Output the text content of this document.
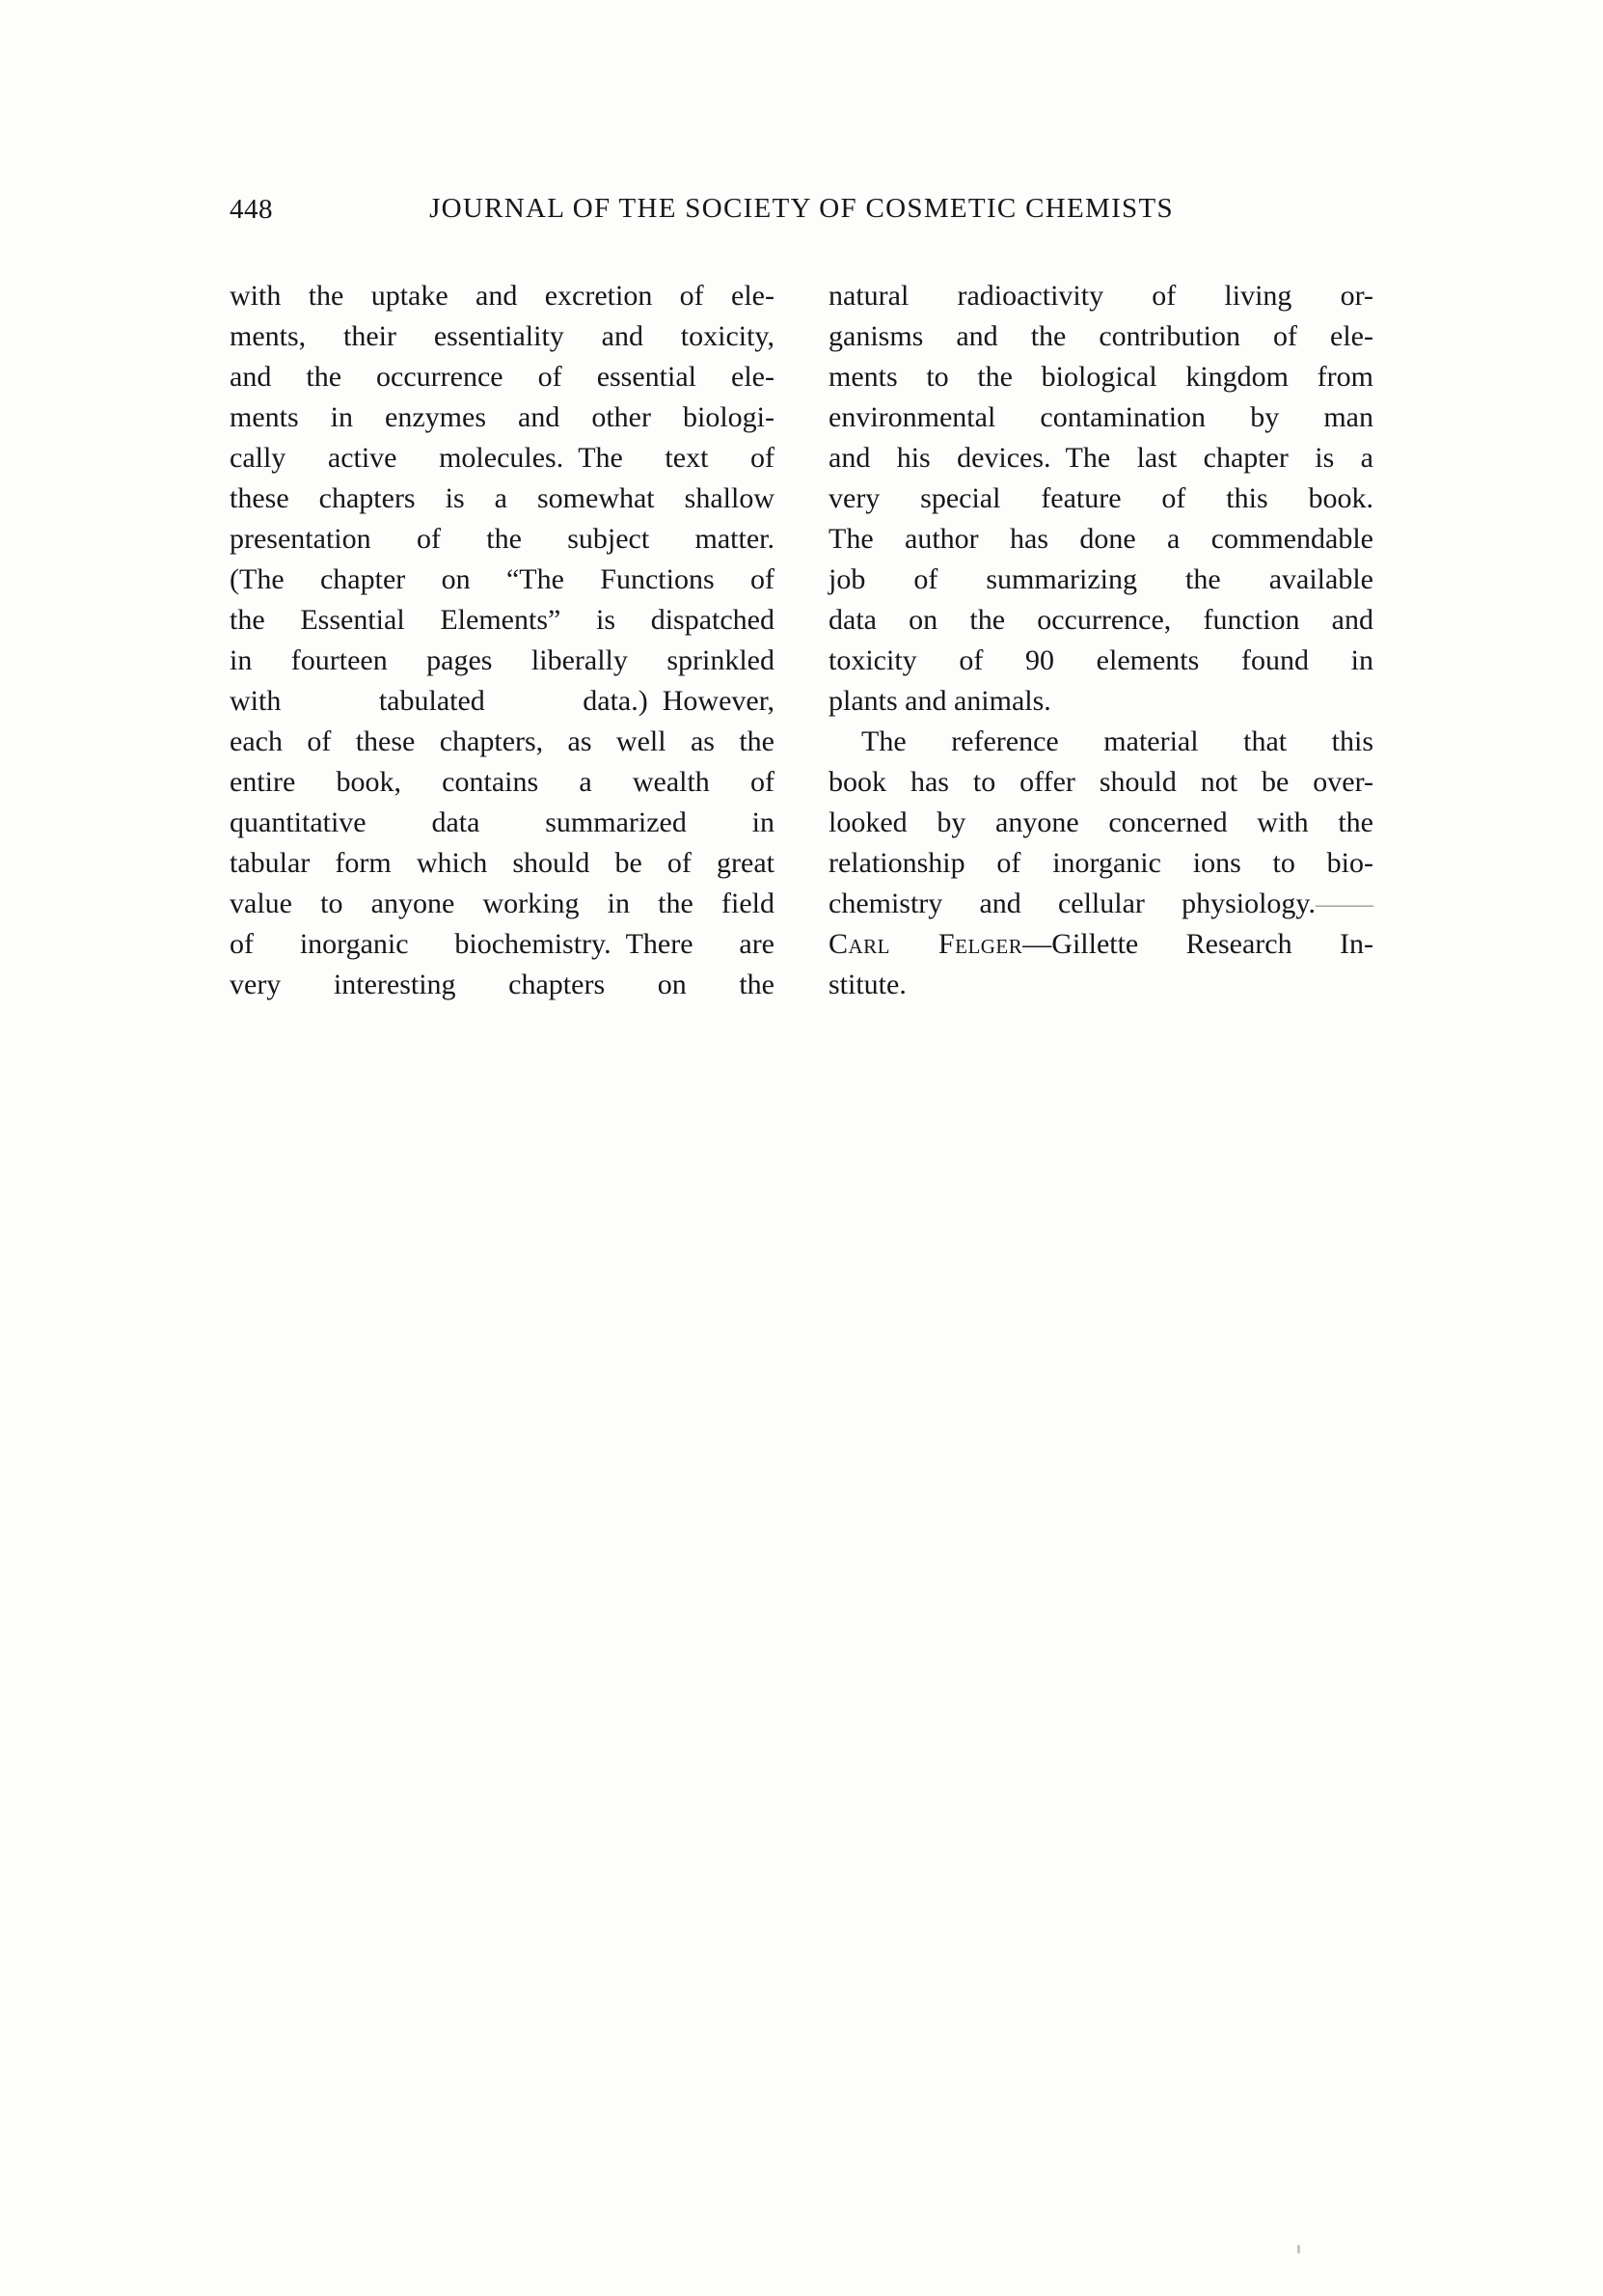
448	JOURNAL OF THE SOCIETY OF COSMETIC CHEMISTS
with the uptake and excretion of ele-
ments, their essentiality and toxicity,
and the occurrence of essential ele-
ments in enzymes and other biologi-
cally active molecules. The text of
these chapters is a somewhat shallow
presentation of the subject matter.
(The chapter on “The Functions of
the Essential Elements” is dispatched
in fourteen pages liberally sprinkled
with tabulated data.) However,
each of these chapters, as well as the
entire book, contains a wealth of
quantitative data summarized in
tabular form which should be of great
value to anyone working in the field
of inorganic biochemistry. There are
very interesting chapters on the
natural radioactivity of living or-
ganisms and the contribution of ele-
ments to the biological kingdom from
environmental contamination by man
and his devices. The last chapter is a
very special feature of this book.
The author has done a commendable
job of summarizing the available
data on the occurrence, function and
toxicity of 90 elements found in
plants and animals.
The reference material that this
book has to offer should not be over-
looked by anyone concerned with the
relationship of inorganic ions to bio-
chemistry and cellular physiology.——
Carl Felger—Gillette Research In-
stitute.
